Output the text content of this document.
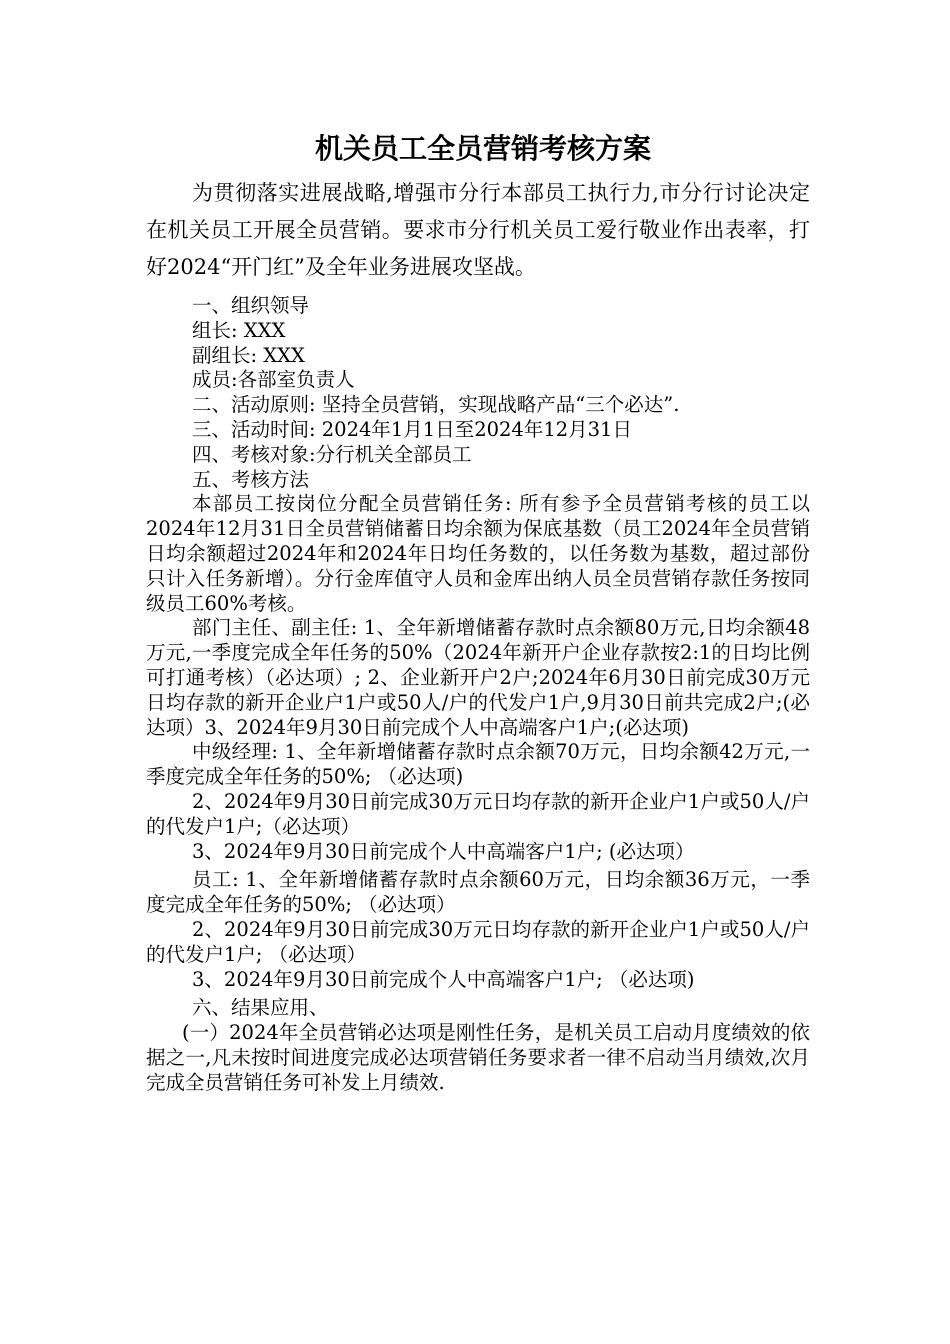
机关员工全员营销考核方案

为贯彻落实进展战略,增强市分行本部员工执行力,市分行讨论决定在机关员工开展全员营销。要求市分行机关员工爱行敬业作出表率，打好2024“开门红”及全年业务进展攻坚战。

一、组织领导

组长: XXX

副组长: XXX

成员:各部室负责人

二、活动原则: 坚持全员营销，实现战略产品“三个必达”.

三、活动时间: 2024年1月1日至2024年12月31日

四、考核对象:分行机关全部员工

五、考核方法

本部员工按岗位分配全员营销任务: 所有参予全员营销考核的员工以2024年12月31日全员营销储蓄日均余额为保底基数（员工2024年全员营销日均余额超过2024年和2024年日均任务数的，以任务数为基数，超过部份只计入任务新增）。分行金库值守人员和金库出纳人员全员营销存款任务按同级员工60%考核。

部门主任、副主任: 1、全年新增储蓄存款时点余额80万元,日均余额48万元,一季度完成全年任务的50%（2024年新开户企业存款按2:1的日均比例可打通考核）（必达项）; 2、企业新开户2户;2024年6月30日前完成30万元日均存款的新开企业户1户或50人/户的代发户1户,9月30日前共完成2户;(必达项）3、2024年9月30日前完成个人中高端客户1户;(必达项)

中级经理: 1、全年新增储蓄存款时点余额70万元，日均余额42万元,一季度完成全年任务的50%; （必达项)

2、2024年9月30日前完成30万元日均存款的新开企业户1户或50人/户的代发户1户;（必达项）

3、2024年9月30日前完成个人中高端客户1户; (必达项）

员工: 1、全年新增储蓄存款时点余额60万元，日均余额36万元，一季度完成全年任务的50%; （必达项）

2、2024年9月30日前完成30万元日均存款的新开企业户1户或50人/户的代发户1户; （必达项）

3、2024年9月30日前完成个人中高端客户1户; （必达项)

六、结果应用、

(一）2024年全员营销必达项是刚性任务，是机关员工启动月度绩效的依据之一,凡未按时间进度完成必达项营销任务要求者一律不启动当月绩效,次月完成全员营销任务可补发上月绩效.
